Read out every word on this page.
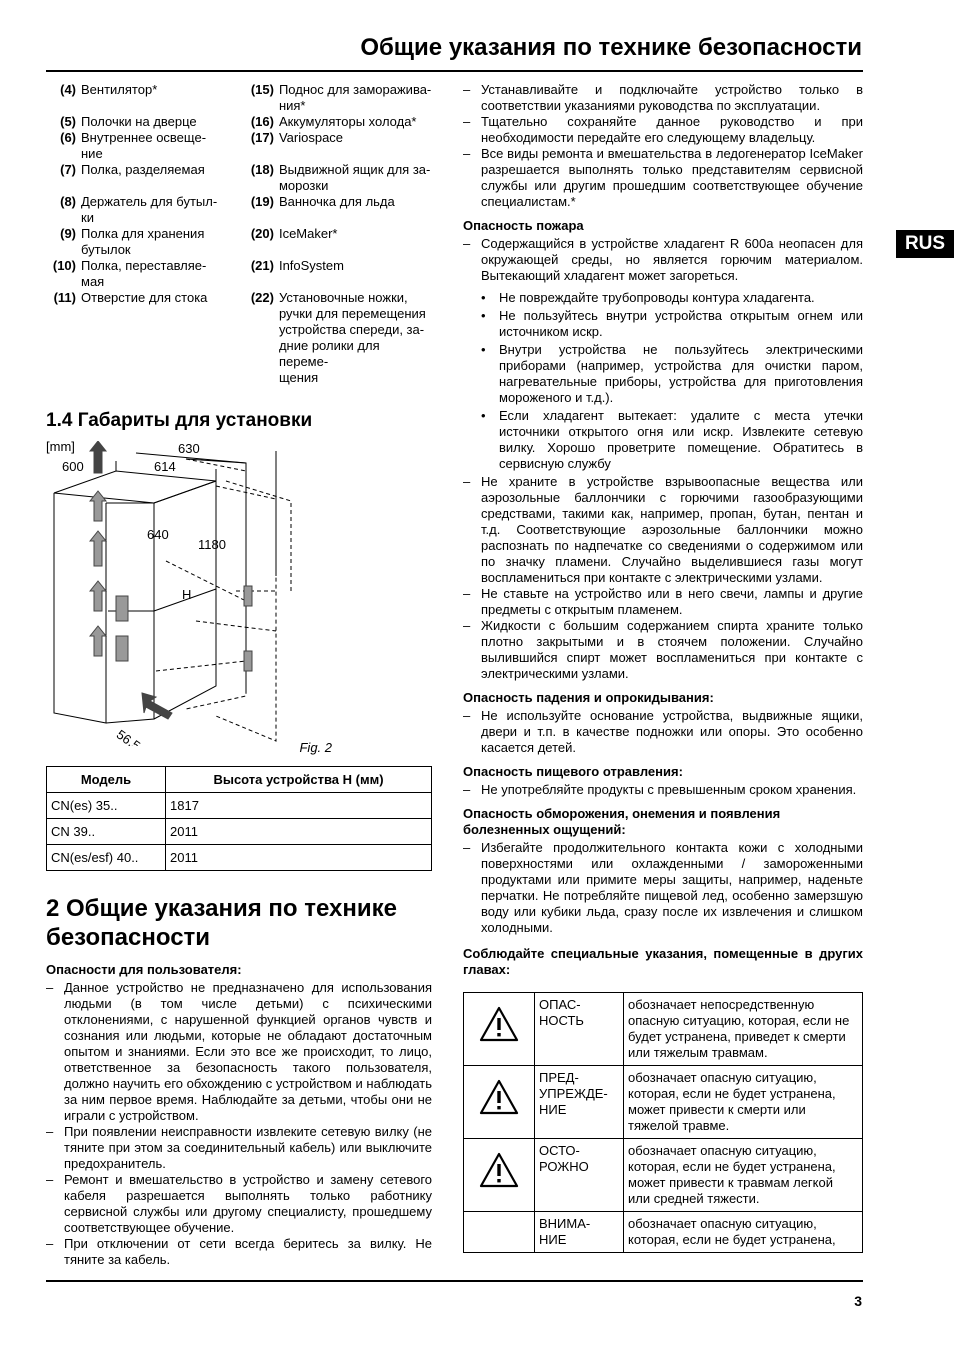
Общие указания по технике безопасности
RUS
(4) Вентилятор*
(5) Полочки на дверце
(6) Внутреннее освеще-
ние
(7) Полка, разделяемая
(8) Держатель для бутыл-
ки
(9) Полка для хранения
бутылок
(10) Полка, переставляе-
мая
(11) Отверстие для стока
(15) Поднос для заморажива-
ния*
(16) Аккумуляторы холода*
(17) Variospace
(18) Выдвижной ящик для за-
морозки
(19) Ванночка для льда
(20) IceMaker*
(21) InfoSystem
(22) Установочные ножки,
ручки для перемещения
устройства спереди, за-
дние ролики для переме-
щения
1.4 Габариты для установки
[mm]
600
630
614
640
1180
H
56,5	Fig. 2
Модель	Высота устройства H (мм)
CN(es) 35..	1817
CN 39..	2011
CN(es/esf) 40..	2011
2 Общие указания по технике безопасности
Опасности для пользователя:

– Данное устройство не предназначено для использования людьми (в том числе детьми) с психическими отклонениями, с нарушенной функцией органов чувств и сознания или людьми, которые не обладают достаточным опытом и знаниями. Если это все же происходит, то лицо, ответственное за безопасность такого пользователя, должно научить его обхождению с устройством и наблюдать за ним первое время. Наблюдайте за детьми, чтобы они не играли с устройством.

– При появлении неисправности извлеките сетевую вилку (не тяните при этом за соединительный кабель) или выключите предохранитель.

– Ремонт и вмешательство в устройство и замену сетевого кабеля разрешается выполнять только работнику сервисной службы или другому специалисту, прошедшему соответствующее обучение.

– При отключении от сети всегда беритесь за вилку. Не тяните за кабель.

– Устанавливайте и подключайте устройство только в соответствии указаниями руководства по эксплуатации.

– Тщательно сохраняйте данное руководство и при необходимости передайте его следующему владельцу.

– Все виды ремонта и вмешательства в ледогенератор IceMaker разрешается выполнять только представителям сервисной службы или другим прошедшим соответствующее обучение специалистам.*

Опасность пожара

– Содержащийся в устройстве хладагент R 600a неопасен для окружающей среды, но является горючим материалом. Вытекающий хладагент может загореться.

• Не повреждайте трубопроводы контура хладагента.

• Не пользуйтесь внутри устройства открытым огнем или источником искр.

• Внутри устройства не пользуйтесь электрическими приборами (например, устройства для очистки паром, нагревательные приборы, устройства для приготовления мороженого и т.д.).

• Если хладагент вытекает: удалите с места утечки источники открытого огня или искр. Извлеките сетевую вилку. Хорошо проветрите помещение. Обратитесь в сервисную службу

– Не храните в устройстве взрывоопасные вещества или аэрозольные баллончики с горючими газообразующими средствами, такими как, например, пропан, бутан, пентан и т.д. Соответствующие аэрозольные баллончики можно распознать по надпечатке со сведениями о содержимом или по значку пламени. Случайно выделившиеся газы могут воспламениться при контакте с электрическими узлами.

– Не ставьте на устройство или в него свечи, лампы и другие предметы с открытым пламенем.

– Жидкости с большим содержанием спирта храните только плотно закрытыми и в стоячем положении. Случайно вылившийся спирт может воспламениться при контакте с электрическими узлами.

Опасность падения и опрокидывания:

– Не используйте основание устройства, выдвижные ящики, двери и т.п. в качестве подножки или опоры. Это особенно касается детей.

Опасность пищевого отравления:

– Не употребляйте продукты с превышенным сроком хранения.

Опасность обморожения, онемения и появления болезненных ощущений:

– Избегайте продолжительного контакта кожи с холодными поверхностями или охлажденными / замороженными продуктами или примите меры защиты, например, наденьте перчатки. Не потребляйте пищевой лед, особенно замерзшую воду или кубики льда, сразу после их извлечения и слишком холодными.

Соблюдайте специальные указания, помещенные в других главах:
	ОПАС-
НОСТЬ	обозначает непосредственную опасную ситуацию, которая, если не будет устранена, приведет к смерти или тяжелым травмам.
	ПРЕД-
УПРЕЖДЕ-
НИЕ	обозначает опасную ситуацию, которая, если не будет устранена, может привести к смерти или тяжелой травме.
	ОСТО-
РОЖНО	обозначает опасную ситуацию, которая, если не будет устранена, может привести к травмам легкой или средней тяжести.
	ВНИМА-
НИЕ	обозначает опасную ситуацию, которая, если не будет устранена,
3
